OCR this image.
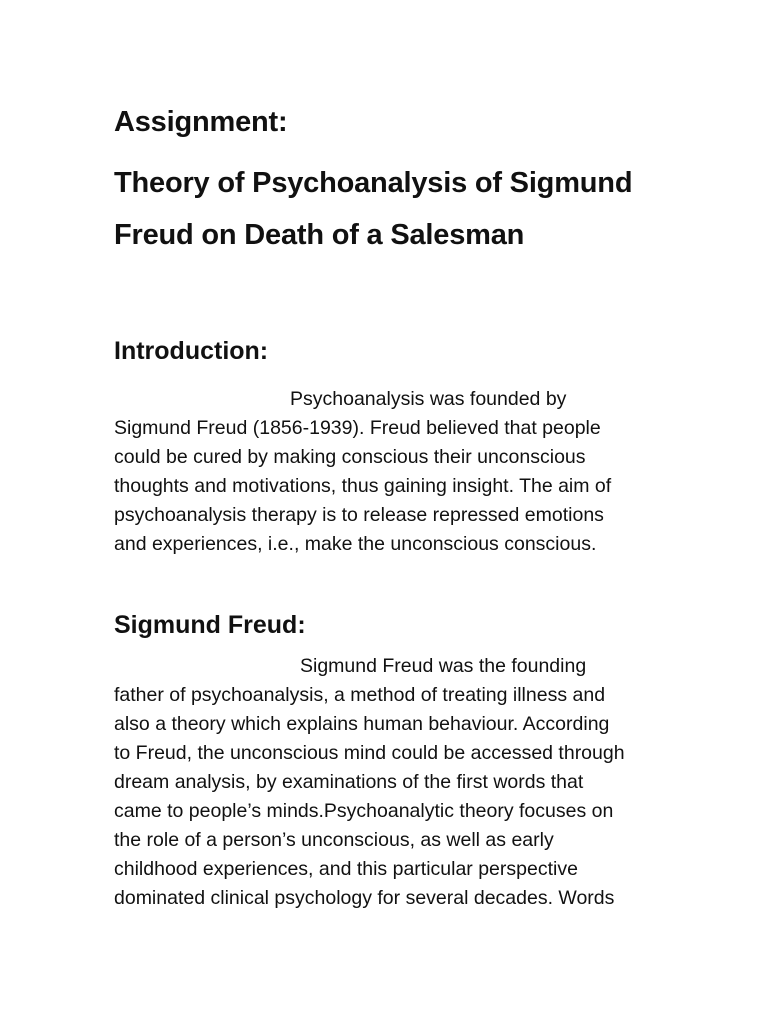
Assignment:
Theory of Psychoanalysis of Sigmund
Freud on Death of a Salesman
Introduction:

Psychoanalysis was founded by
Sigmund Freud (1856-1939). Freud believed that people
could be cured by making conscious their unconscious
thoughts and motivations, thus gaining insight. The aim of
psychoanalysis therapy is to release repressed emotions
and experiences, i.e., make the unconscious conscious.

Sigmund Freud:

Sigmund Freud was the founding
father of psychoanalysis, a method of treating illness and
also a theory which explains human behaviour. According
to Freud, the unconscious mind could be accessed through
dream analysis, by examinations of the first words that
came to people’s minds.Psychoanalytic theory focuses on
the role of a person’s unconscious, as well as early
childhood experiences, and this particular perspective
dominated clinical psychology for several decades. Words
